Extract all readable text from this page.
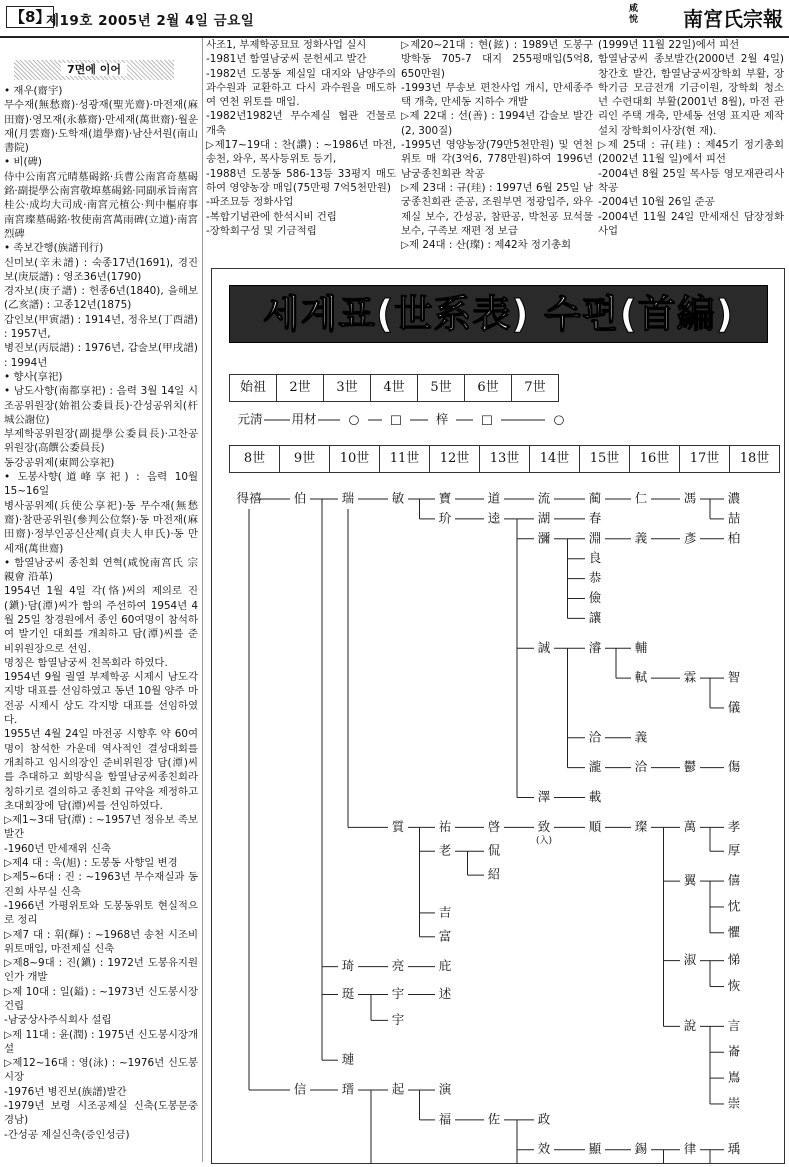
【8】
제19호 2005년 2월 4일 금요일
咸悅 南宮氏宗報
7면에 이어

• 재우(齋宇)

무수재(無愁齋)·성광재(聖光齋)·마전재(麻田齋)·영모재(永慕齋)·만세재(萬世齋)·월운재(月雲齋)·도학재(道學齋)·남산서원(南山書院)

• 비(碑)

侍中公南宮元晴墓碣銘·兵曹公南宮奇墓碣銘·副提學公南宮敬埠墓碣銘·同副承旨南宮桂公·成均大司成·南宮元植公·判中樞府事南宮璨墓碣銘·牧使南宮萬雨碑(立道)·南宮烈碑

• 족보간행(族譜刊行)

신미보(辛未譜) : 숙종17년(1691), 경진보(庚辰譜) : 영조36년(1790)

경자보(庚子譜) : 헌종6년(1840), 을해보(乙亥譜) : 고종12년(1875)

갑인보(甲寅譜) : 1914년, 정유보(丁酉譜) : 1957년,

병진보(丙辰譜) : 1976년, 갑술보(甲戌譜) : 1994년

• 향사(享祀)

• 남도사향(南都享祀) : 음력 3월 14일 시조공위원장(始祖公委員長)·간성공위치(杆城公謝位)

부제학공위원장(副提學公委員長)·고찬공위원장(高饌公委員長)

동강공위제(東岡公享祀)

• 도봉사향(道峰享祀) : 음력 10월 15~16일

병사공위제(兵使公享祀)·동 무수재(無愁齋)·참판공위원(參判公位祭)·동 마전재(麻田齋)·정부인공신산제(貞夫人申氏)·동 만세재(萬世齋)

• 함열남궁씨 종친회 연혁(咸悅南宮氏 宗親會 沿革)

1954년 1월 4일 각(恪)씨의 제의로 진(鎭)·담(潭)씨가 함의 주선하여 1954년 4월 25일 창경원에서 종인 60여명이 참석하여 발기인 대회를 개최하고 담(潭)씨를 준비위원장으로 선임.

명칭은 함열남궁씨 친목회라 하였다.

1954년 9월 궐열 부제학공 시제시 남도각지방 대표를 선임하였고 동년 10월 양주 마전공 시제시 상도 각지방 대표를 선임하였다.

1955년 4월 24일 마전공 시향후 약 60여명이 참석한 가운데 역사적인 결성대회를 개최하고 임시의장인 준비위원장 담(潭)씨를 추대하고 회방식을 함열남궁씨종친회라 칭하기로 결의하고 종친회 규약을 제정하고 초대회장에 담(潭)씨를 선임하였다.

▷제1~3대 담(潭) : ~1957년 정유보 족보발간

-1960년 만세재위 신축

▷제4 대 : 욱(旭) : 도봉동 사향일 변경

▷제5~6대 : 진 : ~1963년 무수재실과 동진회 사무실 신축

-1966년 가평위토와 도봉동위토 현실적으로 정리

▷제7 대 : 휘(輝) : ~1968년 송천 시조비위토매입, 마전제실 신축

▷제8~9대 : 진(鎭) : 1972년 도봉유지원인가 개발

▷제 10대 : 일(鎰) : ~1973년 신도봉시장건립

-남궁상사주식회사 설립

▷제 11대 : 윤(潤) : 1975년 신도봉시장개설

▷제12~16대 : 영(泳) : ~1976년 신도봉시장

-1976년 병진보(族譜)발간

-1979년 보령 시조공제실 신축(도봉문중경남)

-간성공 제실신축(증인성금)

사조1, 부제학공묘묘 정화사업 실시

-1981년 함열남궁씨 문헌세고 발간

-1982년 도봉동 제실일 대지와 남양주의 과수원과 교환하고 다시 과수원을 매도하여 연천 위토를 매입.

-1982년1982년 무수제실 협관 건물로 개축

▷제17~19대 : 찬(讚) : ~1986년 마전, 송천, 와우, 목사등위토 등기,

-1988년 도봉동 586-13등 33평지 매도하여 영양농장 매입(75만평 7억5천만원)

-파조묘등 정화사업

-복합기념관에 한석시비 건립

-장학회구성 및 기금적립

▷제20~21대 : 현(鉉) : 1989년 도봉구 방학동 705-7 대지 255평매입(5억8, 650만원)

-1993년 무송보 편찬사업 개시, 만세종주택 개축, 만세동 지하수 개발

▷제 22대 : 선(善) : 1994년 갑술보 발간(2, 300질)

-1995년 영양농장(79만5천만원) 및 연천 위토 매 각(3억6, 778만원)하여 1996년 남궁종친회관 착공

▷제 23대 : 규(珪) : 1997년 6월 25일 남궁종친회관 준공, 조원부면 정광입주, 와우제실 보수, 간성공, 참판공, 박천공 묘석물보수, 구족보 재편 정 보급

▷제 24대 : 산(璨) : 제42차 정기총회

(1999년 11월 22일)에서 피선

함열남궁씨 종보발간(2000년 2월 4일)창간호 발간, 함열남궁씨장학회 부활, 장학기금 모금전개 기금이원, 장학회 청소년 수련대회 부활(2001년 8월), 마전 관리인 주택 개축, 만세동 선영 표지판 제작설치 장학회이사장(현 재).

▷제 25대 : 규(珪) : 제45기 정기총회(2002년 11월 일)에서 피선

-2004년 8월 25일 목사등 영모재관리사착공

-2004년 10월 26일 준공

-2004년 11월 24일 만세재신 담장정화사업

세계표(世系表) 수편(首編)
始祖	2世	3世	4世	5世	6世	7世
8世	9世	10世	11世	12世	13世	14世	15世	16世	17世	18世
元淸 用材	○ □	梓	□	○
得禧	伯	瑞	敏	寶	道	流	蔺	仁	馮	濃
喆
玠	逵	湖	春
瀰	淵	義	彥	柏
良
恭
儉
讓
誠	濬	輔
軾	霖	智
儀
洽	義
瀧	洽	鬱	傷
澤	載
質	祐	啓	致	順	璨	萬	孝
厚
侃
老
紹	翼	僖
忱
懼
吉
富
淑	悌
恢
琦	亮	庇
珽	宇	述
宇	說	言
崙
嶌
崇
璉
信	瑨	起	演
福	佐	政
效	顯	錫	律	瑀
(入)
